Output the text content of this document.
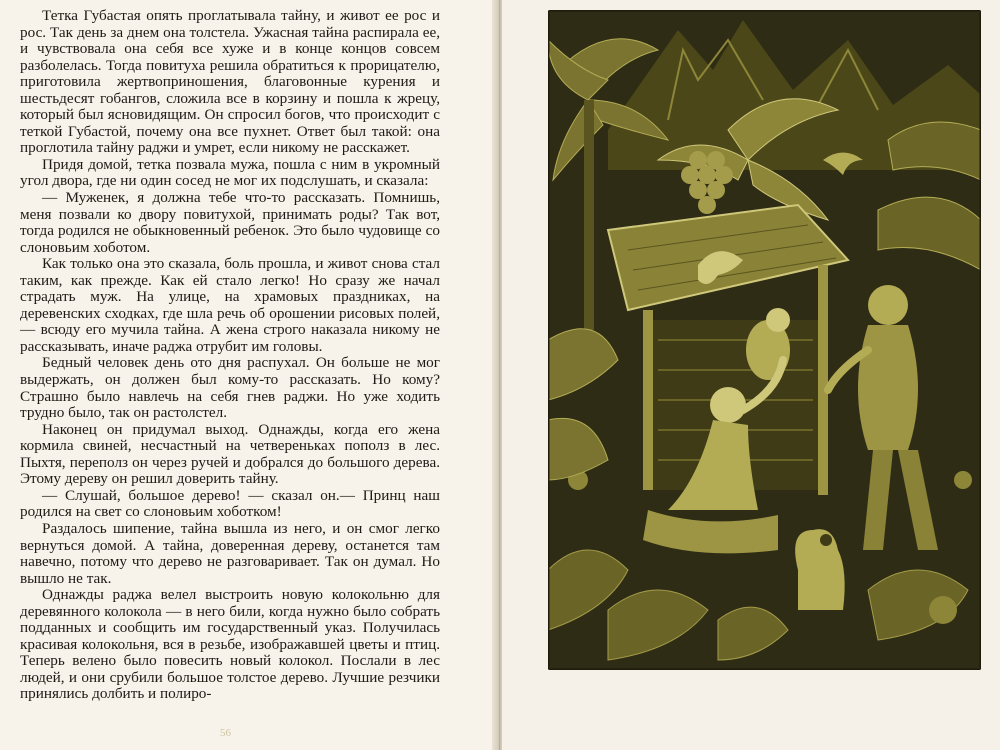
Тетка Губастая опять проглатывала тайну, и живот ее рос и рос. Так день за днем она толстела. Ужасная тайна распирала ее, и чувствовала она себя все хуже и в конце концов совсем разболелась. Тогда повитуха решила обратиться к прорицателю, приготовила жертвоприношения, благовонные курения и шестьдесят гобангов, сложила все в корзину и пошла к жрецу, который был ясновидящим. Он спросил богов, что происходит с теткой Губастой, почему она все пухнет. Ответ был такой: она проглотила тайну раджи и умрет, если никому не расскажет.

Придя домой, тетка позвала мужа, пошла с ним в укромный угол двора, где ни один сосед не мог их подслушать, и сказала:

— Муженек, я должна тебе что-то рассказать. Помнишь, меня позвали ко двору повитухой, принимать роды? Так вот, тогда родился не обыкновенный ребенок. Это было чудовище со слоновьим хоботом.

Как только она это сказала, боль прошла, и живот снова стал таким, как прежде. Как ей стало легко! Но сразу же начал страдать муж. На улице, на храмовых праздниках, на деревенских сходках, где шла речь об орошении рисовых полей,— всюду его мучила тайна. А жена строго наказала никому не рассказывать, иначе раджа отрубит им головы.

Бедный человек день ото дня распухал. Он больше не мог выдержать, он должен был кому-то рассказать. Но кому? Страшно было навлечь на себя гнев раджи. Но уже ходить трудно было, так он растолстел.

Наконец он придумал выход. Однажды, когда его жена кормила свиней, несчастный на четвереньках пополз в лес. Пыхтя, переполз он через ручей и добрался до большого дерева. Этому дереву он решил доверить тайну.

— Слушай, большое дерево! — сказал он.— Принц наш родился на свет со слоновьим хоботком!

Раздалось шипение, тайна вышла из него, и он смог легко вернуться домой. А тайна, доверенная дереву, останется там навечно, потому что дерево не разговаривает. Так он думал. Но вышло не так.

Однажды раджа велел выстроить новую колокольню для деревянного колокола — в него били, когда нужно было собрать подданных и сообщить им государственный указ. Получилась красивая колокольня, вся в резьбе, изображавшей цветы и птиц. Теперь велено было повесить новый колокол. Послали в лес людей, и они срубили большое толстое дерево. Лучшие резчики принялись долбить и полиро-

56
